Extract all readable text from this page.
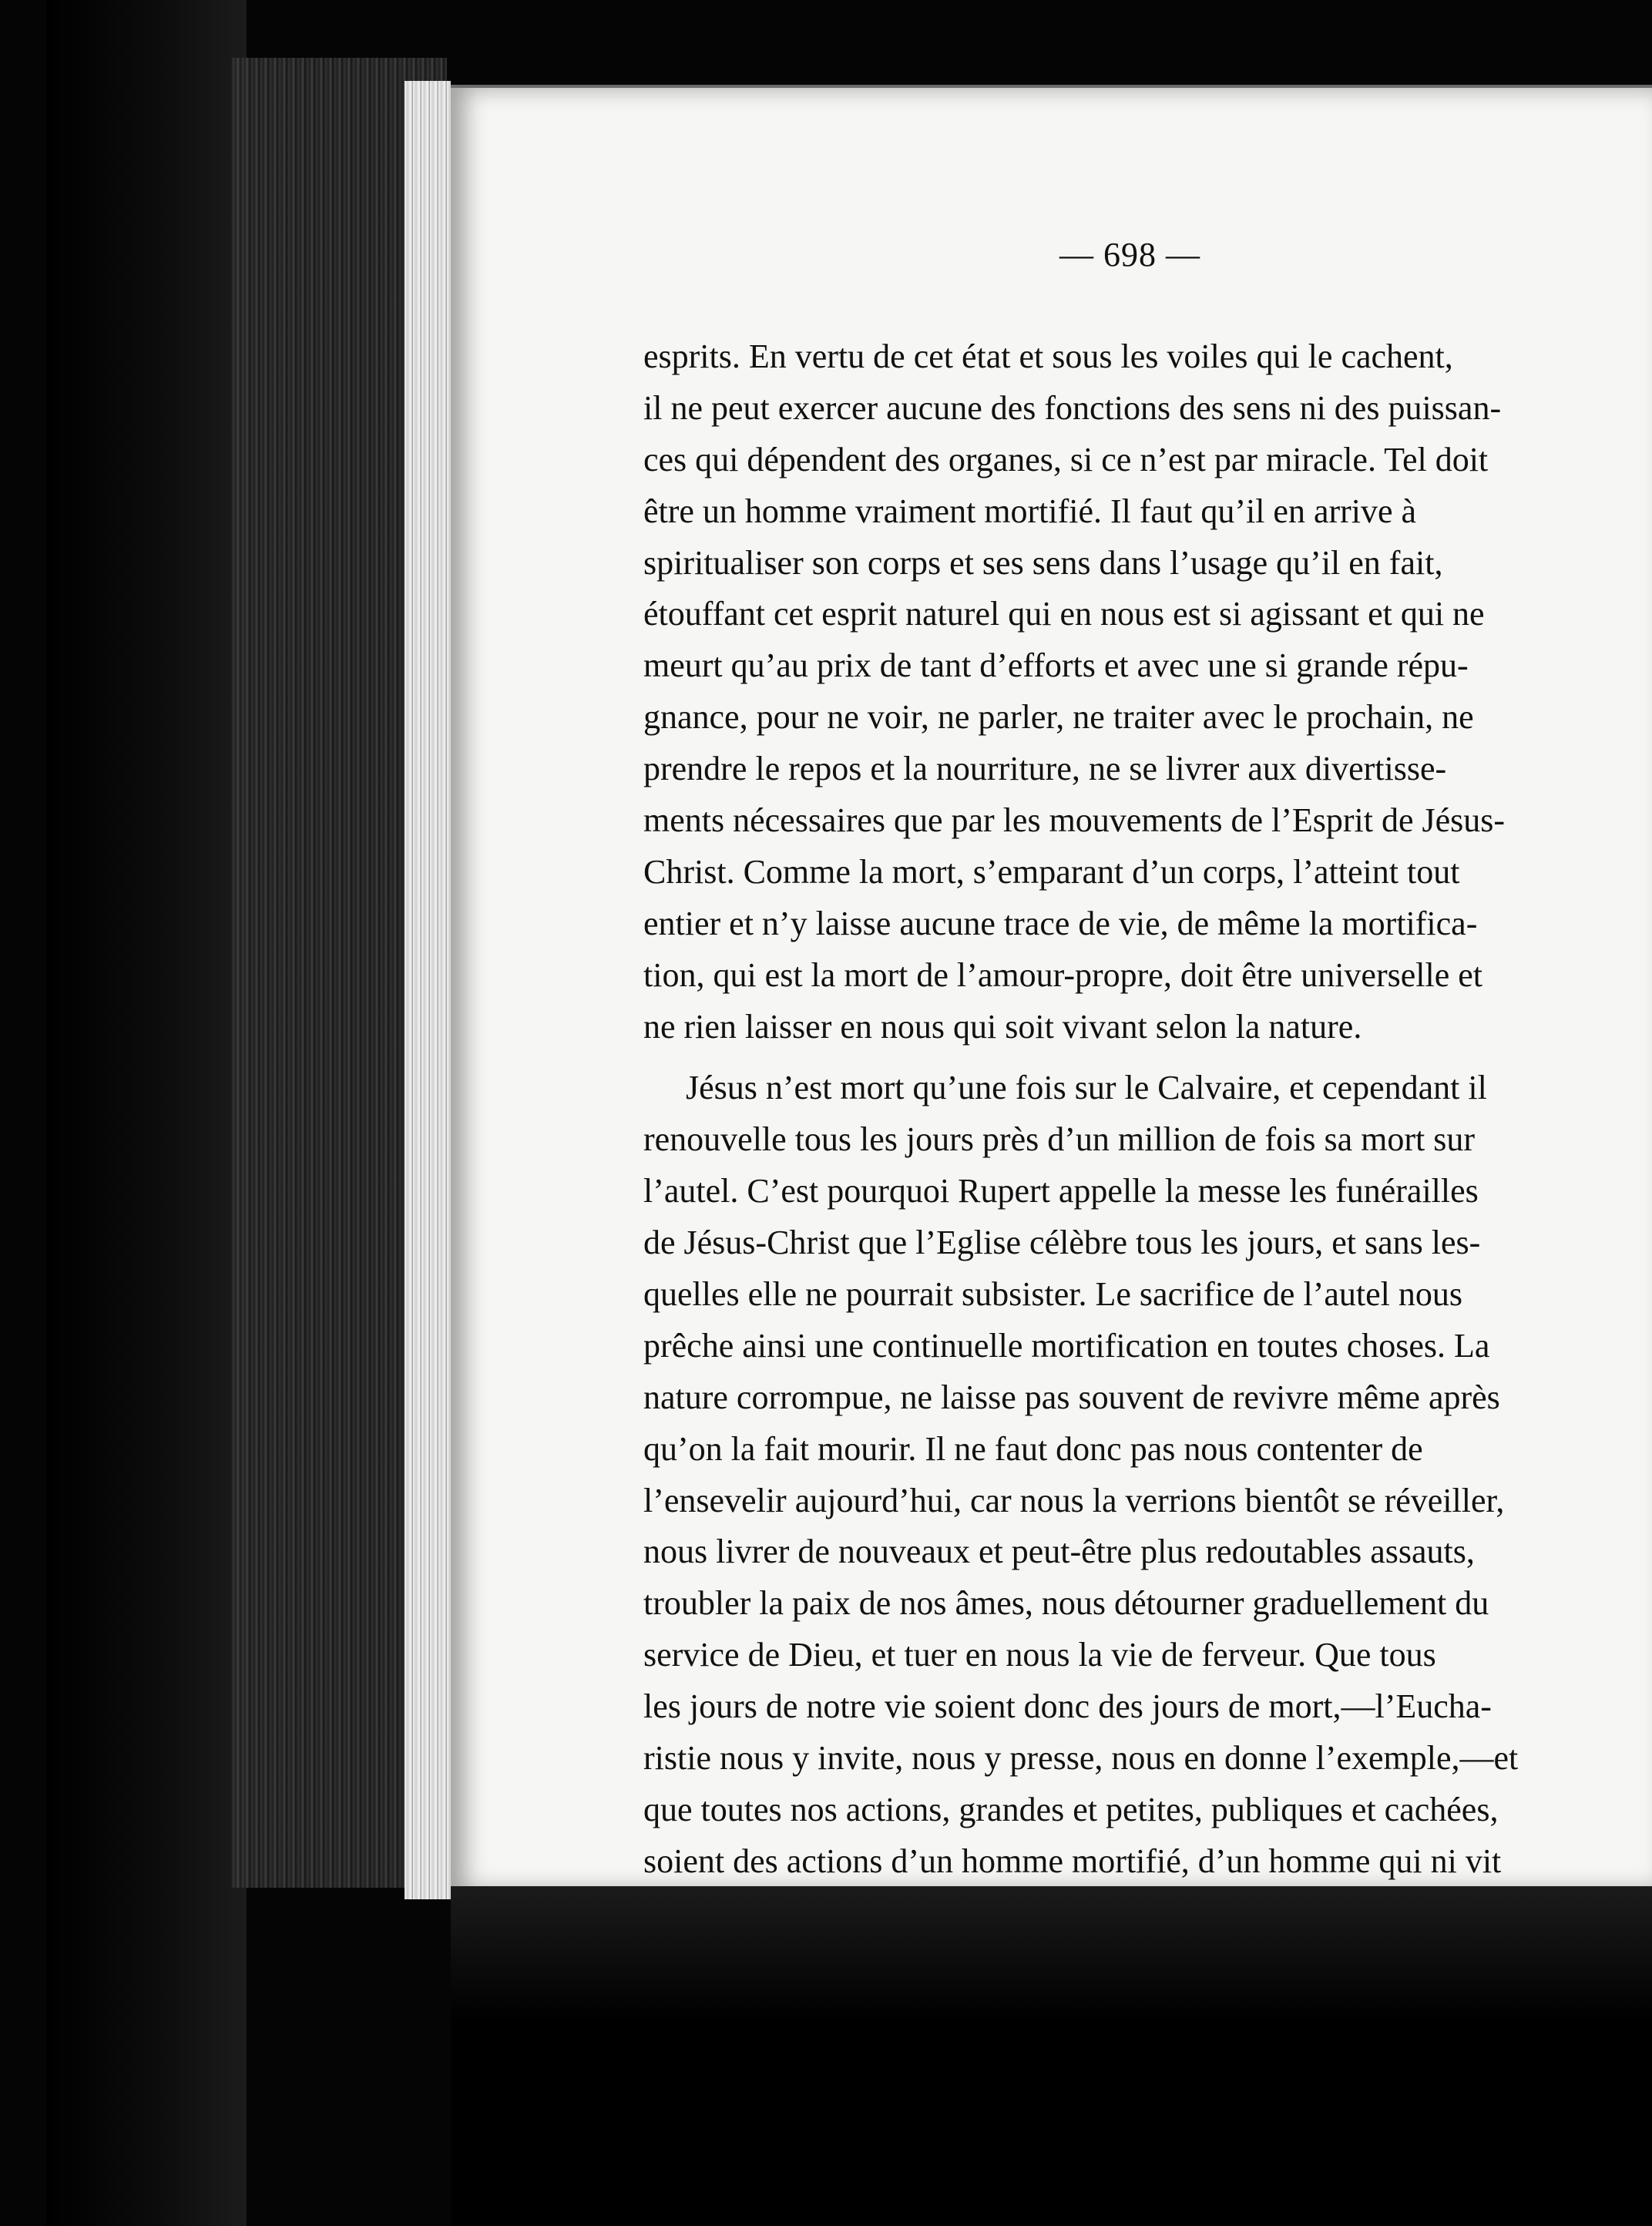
— 698 —
esprits. En vertu de cet état et sous les voiles qui le cachent,
il ne peut exercer aucune des fonctions des sens ni des puissan-
ces qui dépendent des organes, si ce n’est par miracle. Tel doit
être un homme vraiment mortifié. Il faut qu’il en arrive à
spiritualiser son corps et ses sens dans l’usage qu’il en fait,
étouffant cet esprit naturel qui en nous est si agissant et qui ne
meurt qu’au prix de tant d’efforts et avec une si grande répu-
gnance, pour ne voir, ne parler, ne traiter avec le prochain, ne
prendre le repos et la nourriture, ne se livrer aux divertisse-
ments nécessaires que par les mouvements de l’Esprit de Jésus-
Christ. Comme la mort, s’emparant d’un corps, l’atteint tout
entier et n’y laisse aucune trace de vie, de même la mortifica-
tion, qui est la mort de l’amour-propre, doit être universelle et
ne rien laisser en nous qui soit vivant selon la nature.
Jésus n’est mort qu’une fois sur le Calvaire, et cependant il
renouvelle tous les jours près d’un million de fois sa mort sur
l’autel. C’est pourquoi Rupert appelle la messe les funérailles
de Jésus-Christ que l’Eglise célèbre tous les jours, et sans les-
quelles elle ne pourrait subsister. Le sacrifice de l’autel nous
prêche ainsi une continuelle mortification en toutes choses. La
nature corrompue, ne laisse pas souvent de revivre même après
qu’on la fait mourir. Il ne faut donc pas nous contenter de
l’ensevelir aujourd’hui, car nous la verrions bientôt se réveiller,
nous livrer de nouveaux et peut-être plus redoutables assauts,
troubler la paix de nos âmes, nous détourner graduellement du
service de Dieu, et tuer en nous la vie de ferveur. Que tous
les jours de notre vie soient donc des jours de mort,—l’Eucha-
ristie nous y invite, nous y presse, nous en donne l’exemple,—et
que toutes nos actions, grandes et petites, publiques et cachées,
soient des actions d’un homme mortifié, d’un homme qui ni vit
